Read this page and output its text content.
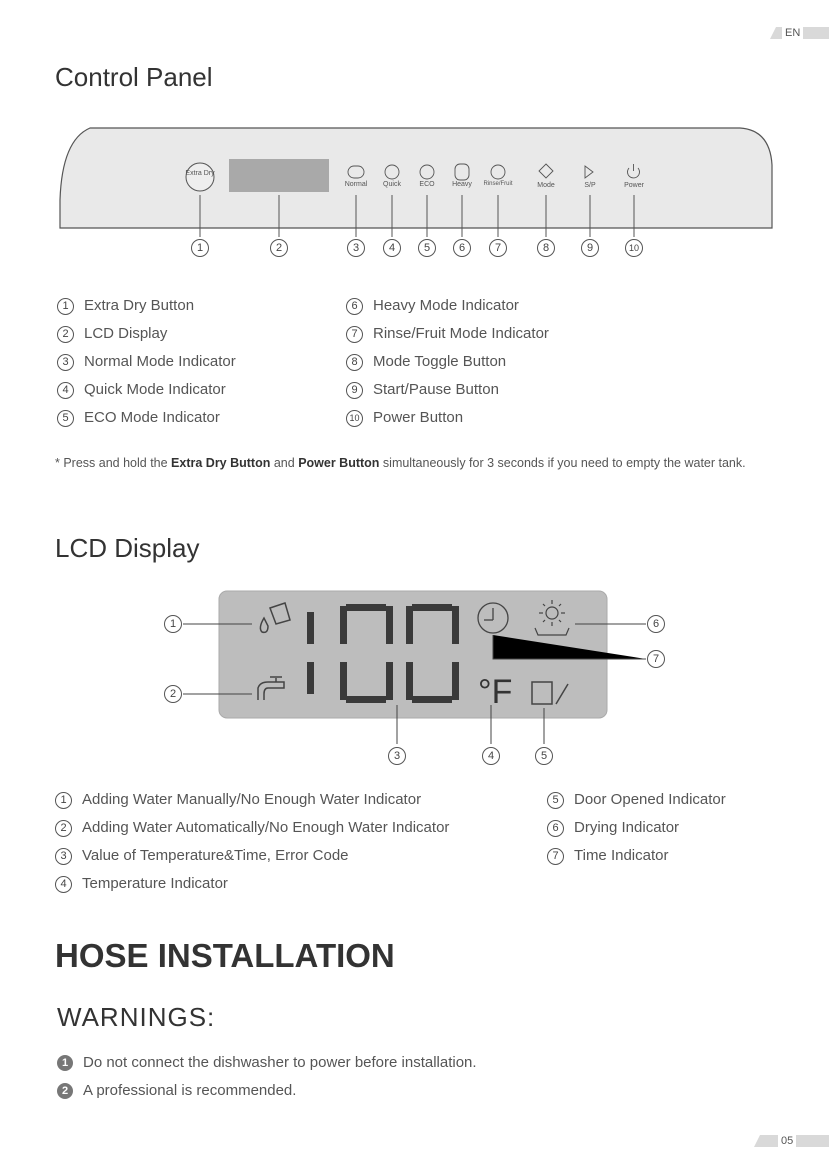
EN
Control Panel
Extra Dry
Normal	Quick	ECO	Heavy	Rinse/Fruit	Mode	S/P	Power
1	2	3	4	5	6	7	8	9	10
1 Extra Dry Button
2 LCD Display
3 Normal Mode Indicator
4 Quick Mode Indicator
5 ECO Mode Indicator
6 Heavy Mode Indicator
7 Rinse/Fruit Mode Indicator
8 Mode Toggle Button
9 Start/Pause Button
10 Power Button
* Press and hold the Extra Dry Button and Power Button simultaneously for 3 seconds if you need to empty the water tank.
LCD Display
°F
1
2
3	4	5
6
7
1 Adding Water Manually/No Enough Water Indicator
2 Adding Water Automatically/No Enough Water Indicator
3 Value of Temperature&Time, Error Code
4 Temperature Indicator
5 Door Opened Indicator
6 Drying Indicator
7 Time Indicator
HOSE INSTALLATION
WARNINGS:
1 Do not connect the dishwasher to power before installation.
2 A professional is recommended.
05
